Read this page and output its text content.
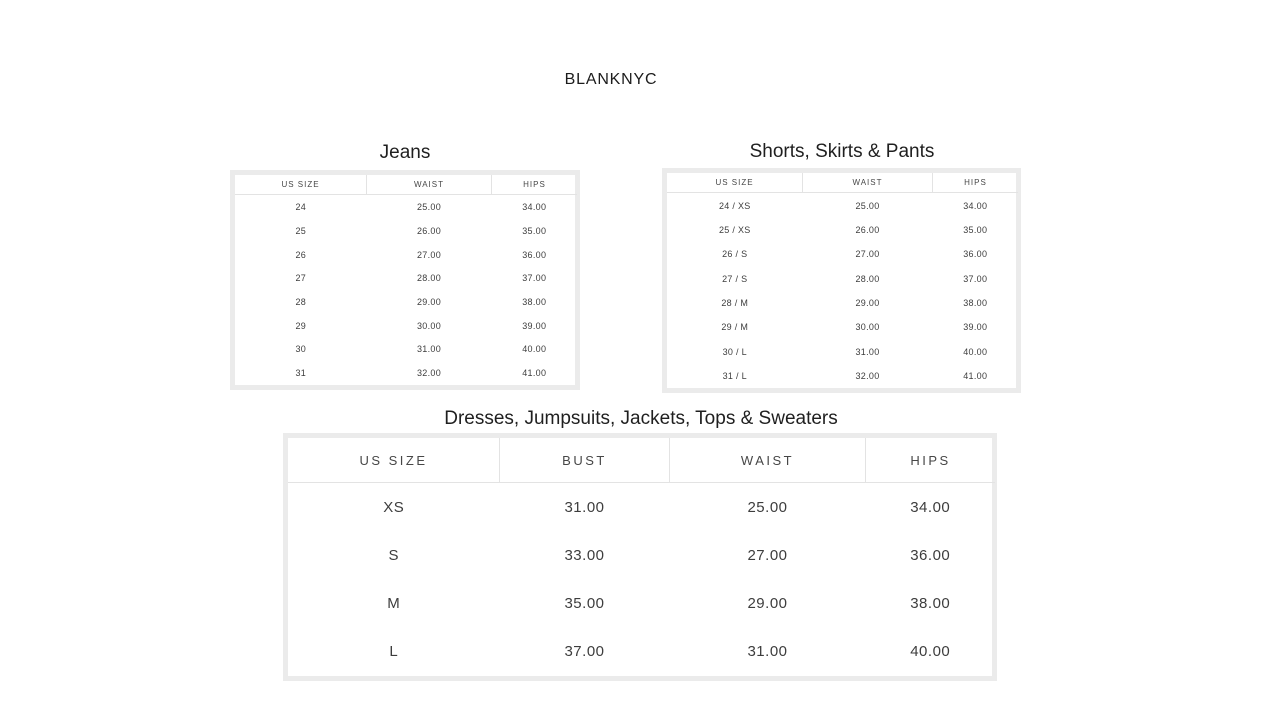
BLANKNYC
Jeans
US SIZE	WAIST	HIPS
24	25.00	34.00
25	26.00	35.00
26	27.00	36.00
27	28.00	37.00
28	29.00	38.00
29	30.00	39.00
30	31.00	40.00
31	32.00	41.00
Shorts, Skirts & Pants
US SIZE	WAIST	HIPS
24 / XS	25.00	34.00
25 / XS	26.00	35.00
26 / S	27.00	36.00
27 / S	28.00	37.00
28 / M	29.00	38.00
29 / M	30.00	39.00
30 / L	31.00	40.00
31 / L	32.00	41.00
Dresses, Jumpsuits, Jackets, Tops & Sweaters
US SIZE	BUST	WAIST	HIPS
XS	31.00	25.00	34.00
S	33.00	27.00	36.00
M	35.00	29.00	38.00
L	37.00	31.00	40.00
